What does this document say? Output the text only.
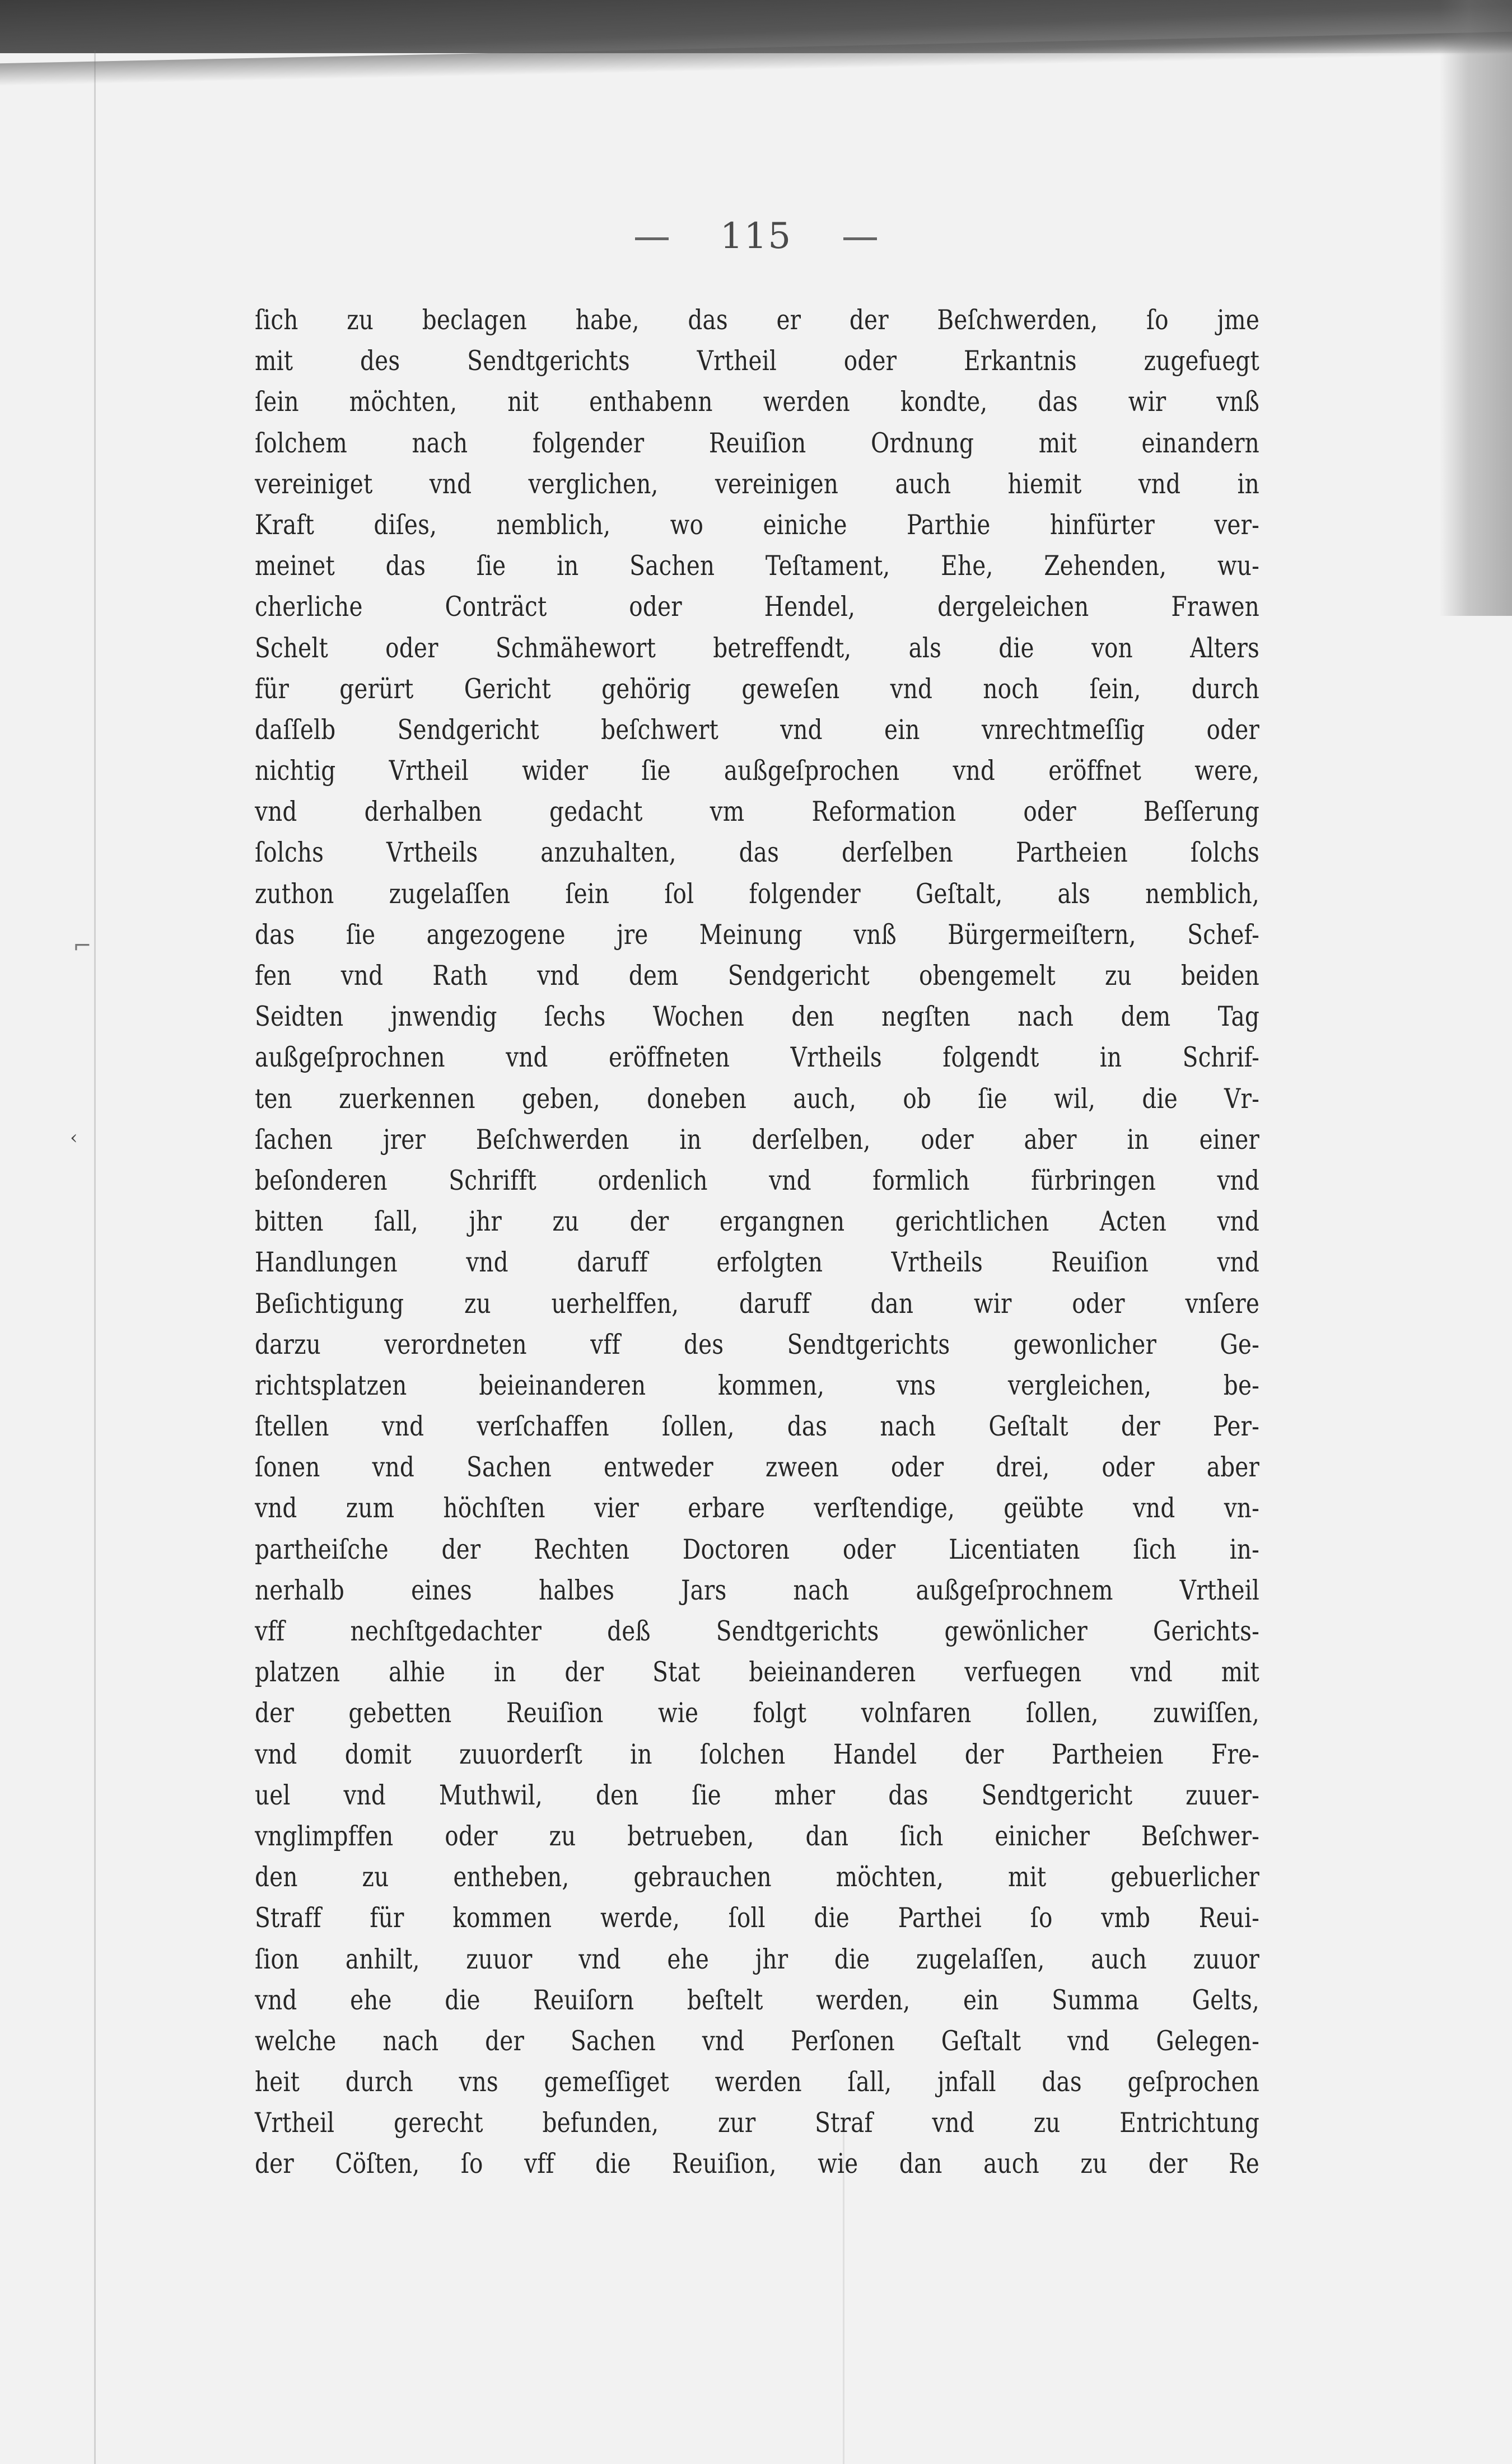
⌐
‹
115
ſich zu beclagen habe, das er der Beſchwerden, ſo jme
mit des Sendtgerichts Vrtheil oder Erkantnis zugefuegt
ſein möchten, nit enthabenn werden kondte, das wir vnß
ſolchem nach folgender Reuiſion Ordnung mit einandern
vereiniget vnd verglichen, vereinigen auch hiemit vnd in
Kraft diſes, nemblich, wo einiche Parthie hinfürter ver-
meinet das ſie in Sachen Teſtament, Ehe, Zehenden, wu-
cherliche Conträct oder Hendel, dergeleichen Frawen
Schelt oder Schmähewort betreffendt, als die von Alters
für gerürt Gericht gehörig geweſen vnd noch ſein, durch
daſſelb Sendgericht beſchwert vnd ein vnrechtmeſſig oder
nichtig Vrtheil wider ſie außgeſprochen vnd eröffnet were,
vnd derhalben gedacht vm Reformation oder Beſſerung
ſolchs Vrtheils anzuhalten, das derſelben Partheien ſolchs
zuthon zugelaſſen ſein ſol folgender Geſtalt, als nemblich,
das ſie angezogene jre Meinung vnß Bürgermeiſtern, Schef-
fen vnd Rath vnd dem Sendgericht obengemelt zu beiden
Seidten jnwendig ſechs Wochen den negſten nach dem Tag
außgeſprochnen vnd eröffneten Vrtheils folgendt in Schrif-
ten zuerkennen geben, doneben auch, ob ſie wil, die Vr-
ſachen jrer Beſchwerden in derſelben, oder aber in einer
beſonderen Schrifft ordenlich vnd formlich fürbringen vnd
bitten ſall, jhr zu der ergangnen gerichtlichen Acten vnd
Handlungen vnd daruff erfolgten Vrtheils Reuiſion vnd
Beſichtigung zu uerhelffen, daruff dan wir oder vnſere
darzu verordneten vff des Sendtgerichts gewonlicher Ge-
richtsplatzen beieinanderen kommen, vns vergleichen, be-
ſtellen vnd verſchaffen ſollen, das nach Geſtalt der Per-
ſonen vnd Sachen entweder zween oder drei, oder aber
vnd zum höchſten vier erbare verſtendige, geübte vnd vn-
partheiſche der Rechten Doctoren oder Licentiaten ſich in-
nerhalb eines halbes Jars nach außgeſprochnem Vrtheil
vff nechſtgedachter deß Sendtgerichts gewönlicher Gerichts-
platzen alhie in der Stat beieinanderen verfuegen vnd mit
der gebetten Reuiſion wie folgt volnfaren ſollen, zuwiſſen,
vnd domit zuuorderſt in ſolchen Handel der Partheien Fre-
uel vnd Muthwil, den ſie mher das Sendtgericht zuuer-
vnglimpffen oder zu betrueben, dan ſich einicher Beſchwer-
den zu entheben, gebrauchen möchten, mit gebuerlicher
Straff für kommen werde, ſoll die Parthei ſo vmb Reui-
ſion anhilt, zuuor vnd ehe jhr die zugelaſſen, auch zuuor
vnd ehe die Reuiſorn beſtelt werden, ein Summa Gelts,
welche nach der Sachen vnd Perſonen Geſtalt vnd Gelegen-
heit durch vns gemeſſiget werden ſall, jnfall das geſprochen
Vrtheil gerecht befunden, zur Straf vnd zu Entrichtung
der Cöſten, ſo vff die Reuiſion, wie dan auch zu der Re
